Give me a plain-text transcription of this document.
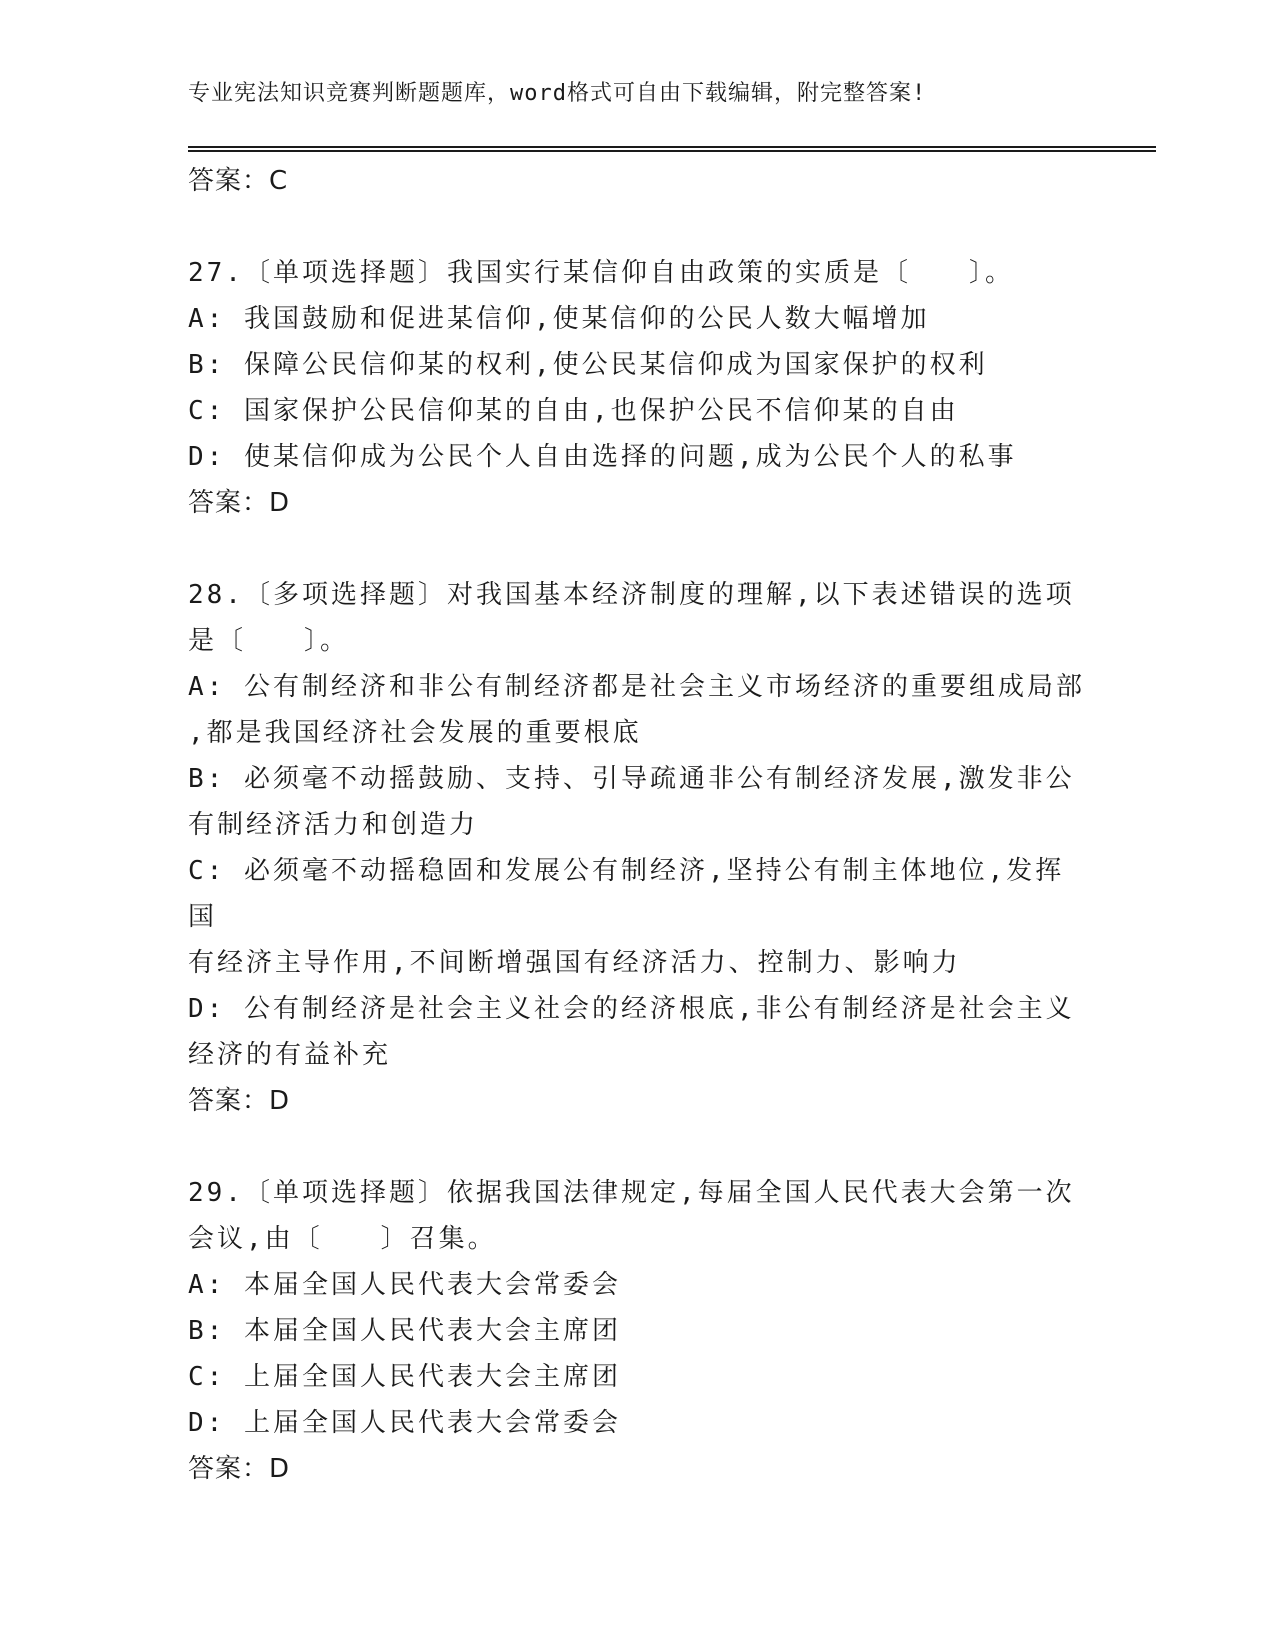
专业宪法知识竞赛判断题题库，word格式可自由下载编辑，附完整答案!
答案：C
27.〔单项选择题〕我国实行某信仰自由政策的实质是〔　　〕。
A: 我国鼓励和促进某信仰,使某信仰的公民人数大幅增加
B: 保障公民信仰某的权利,使公民某信仰成为国家保护的权利
C: 国家保护公民信仰某的自由,也保护公民不信仰某的自由
D: 使某信仰成为公民个人自由选择的问题,成为公民个人的私事
答案：D
28.〔多项选择题〕对我国基本经济制度的理解,以下表述错误的选项
是〔　　〕。
A: 公有制经济和非公有制经济都是社会主义市场经济的重要组成局部
,都是我国经济社会发展的重要根底
B: 必须毫不动摇鼓励、支持、引导疏通非公有制经济发展,激发非公
有制经济活力和创造力
C: 必须毫不动摇稳固和发展公有制经济,坚持公有制主体地位,发挥国
有经济主导作用,不间断增强国有经济活力、控制力、影响力
D: 公有制经济是社会主义社会的经济根底,非公有制经济是社会主义
经济的有益补充
答案：D
29.〔单项选择题〕依据我国法律规定,每届全国人民代表大会第一次
会议,由〔　　〕召集。
A: 本届全国人民代表大会常委会
B: 本届全国人民代表大会主席团
C: 上届全国人民代表大会主席团
D: 上届全国人民代表大会常委会
答案：D
